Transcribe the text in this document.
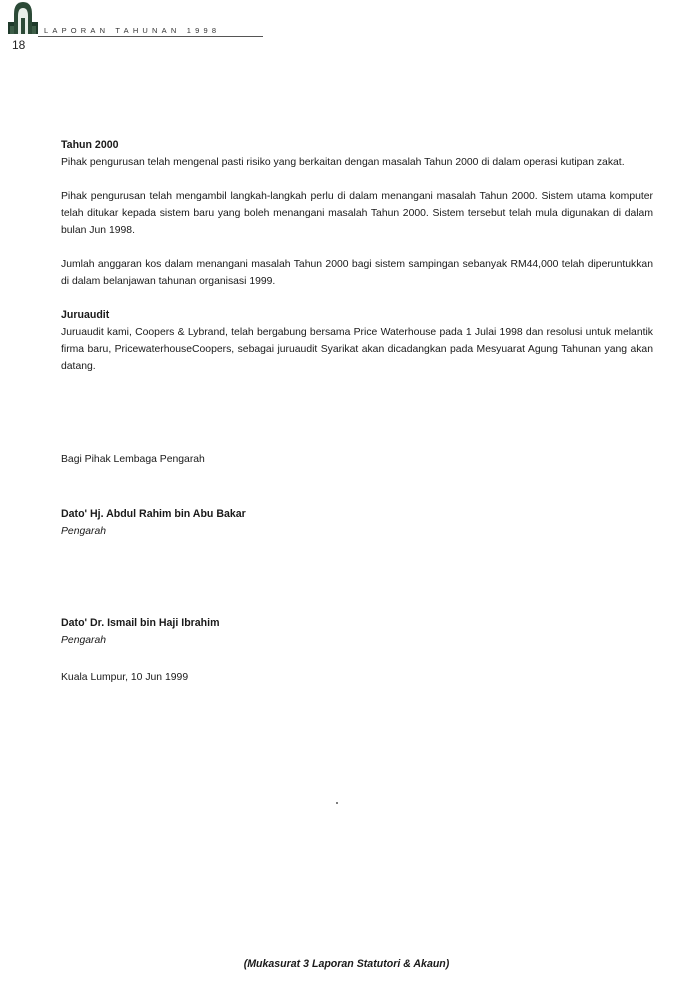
LAPORAN TAHUNAN 1998
18

Tahun 2000

Pihak pengurusan telah mengenal pasti risiko yang berkaitan dengan masalah Tahun 2000 di dalam operasi kutipan zakat.

Pihak pengurusan telah mengambil langkah-langkah perlu di dalam menangani masalah Tahun 2000. Sistem utama komputer telah ditukar kepada sistem baru yang boleh menangani masalah Tahun 2000. Sistem tersebut telah mula digunakan di dalam bulan Jun 1998.

Jumlah anggaran kos dalam menangani masalah Tahun 2000 bagi sistem sampingan sebanyak RM44,000 telah diperuntukkan di dalam belanjawan tahunan organisasi 1999.

Juruaudit

Juruaudit kami, Coopers & Lybrand, telah bergabung bersama Price Waterhouse pada 1 Julai 1998 dan resolusi untuk melantik firma baru, PricewaterhouseCoopers, sebagai juruaudit Syarikat akan dicadangkan pada Mesyuarat Agung Tahunan yang akan datang.

Bagi Pihak Lembaga Pengarah

Dato' Hj. Abdul Rahim bin Abu Bakar

Pengarah

Dato' Dr. Ismail bin Haji Ibrahim

Pengarah

Kuala Lumpur, 10 Jun 1999

(Mukasurat 3 Laporan Statutori & Akaun)
